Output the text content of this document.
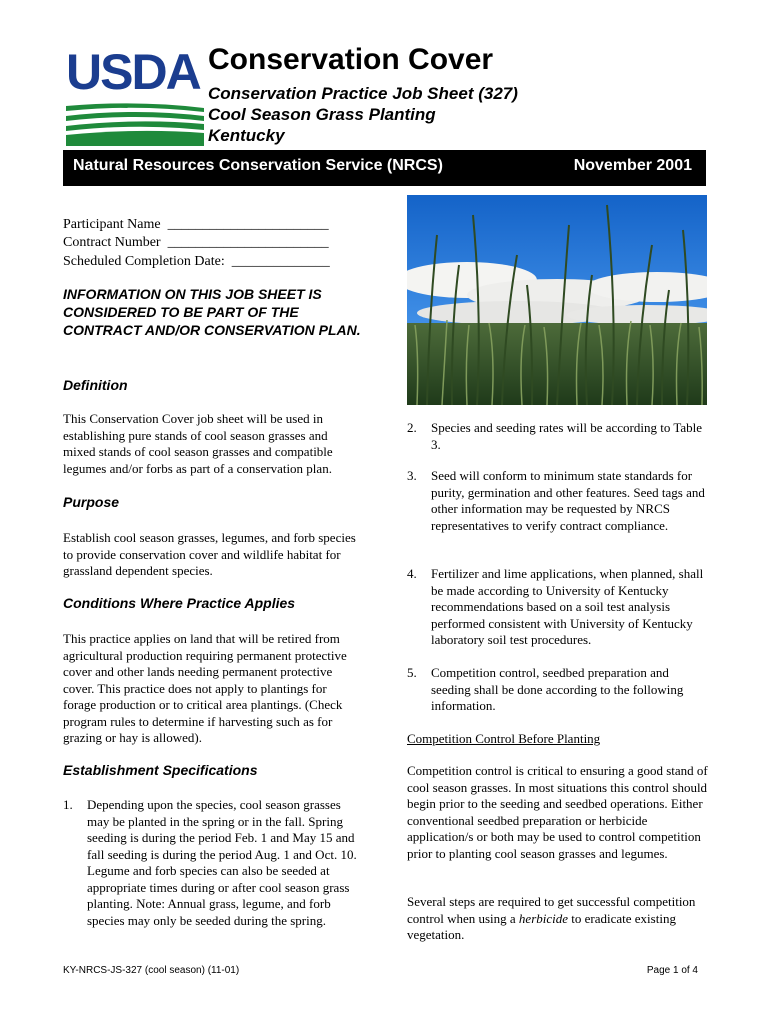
USDA Conservation Cover
Conservation Practice Job Sheet (327)
Cool Season Grass Planting
Kentucky
Natural Resources Conservation Service (NRCS)	November 2001
Participant Name  _______________________
Contract Number  _______________________
Scheduled Completion Date:  ______________
INFORMATION ON THIS JOB SHEET IS CONSIDERED TO BE PART OF THE CONTRACT AND/OR CONSERVATION PLAN.
Definition
This Conservation Cover job sheet will be used in establishing pure stands of cool season grasses and mixed stands of cool season grasses and compatible legumes and/or forbs as part of a conservation plan.
Purpose
Establish cool season grasses, legumes, and forb species to provide conservation cover and wildlife habitat for grassland dependent species.
Conditions Where Practice Applies
This practice applies on land that will be retired from agricultural production requiring permanent protective cover and other lands needing permanent protective cover. This practice does not apply to plantings for forage production or to critical area plantings. (Check program rules to determine if harvesting such as for grazing or hay is allowed).
Establishment Specifications
1. Depending upon the species, cool season grasses may be planted in the spring or in the fall. Spring seeding is during the period Feb. 1 and May 15 and fall seeding is during the period Aug. 1 and Oct. 10. Legume and forb species can also be seeded at appropriate times during or after cool season grass planting. Note: Annual grass, legume, and forb species may only be seeded during the spring.
2. Species and seeding rates will be according to Table 3.
3. Seed will conform to minimum state standards for purity, germination and other features. Seed tags and other information may be requested by NRCS representatives to verify contract compliance.
4. Fertilizer and lime applications, when planned, shall be made according to University of Kentucky recommendations based on a soil test analysis performed consistent with University of Kentucky laboratory soil test procedures.
5. Competition control, seedbed preparation and seeding shall be done according to the following information.
Competition Control Before Planting
Competition control is critical to ensuring a good stand of cool season grasses. In most situations this control should begin prior to the seeding and seedbed operations. Either conventional seedbed preparation or herbicide application/s or both may be used to control competition prior to planting cool season grasses and legumes.
Several steps are required to get successful competition control when using a herbicide to eradicate existing vegetation.
KY-NRCS-JS-327 (cool season) (11-01)	Page 1 of 4
